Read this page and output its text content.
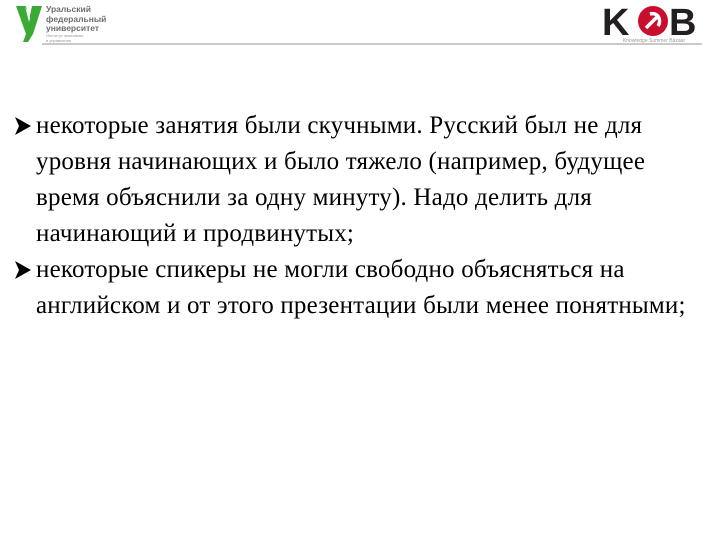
Уральский
федеральный
университет
Институт экономики
и управления	K B
Knowledge Summer Bazaar
некоторые занятия были скучными. Русский был не для уровня начинающих и было тяжело (например, будущее время объяснили за одну минуту). Надо делить для начинающий и продвинутых;
некоторые спикеры не могли свободно объясняться на английском и от этого презентации были менее понятными;
